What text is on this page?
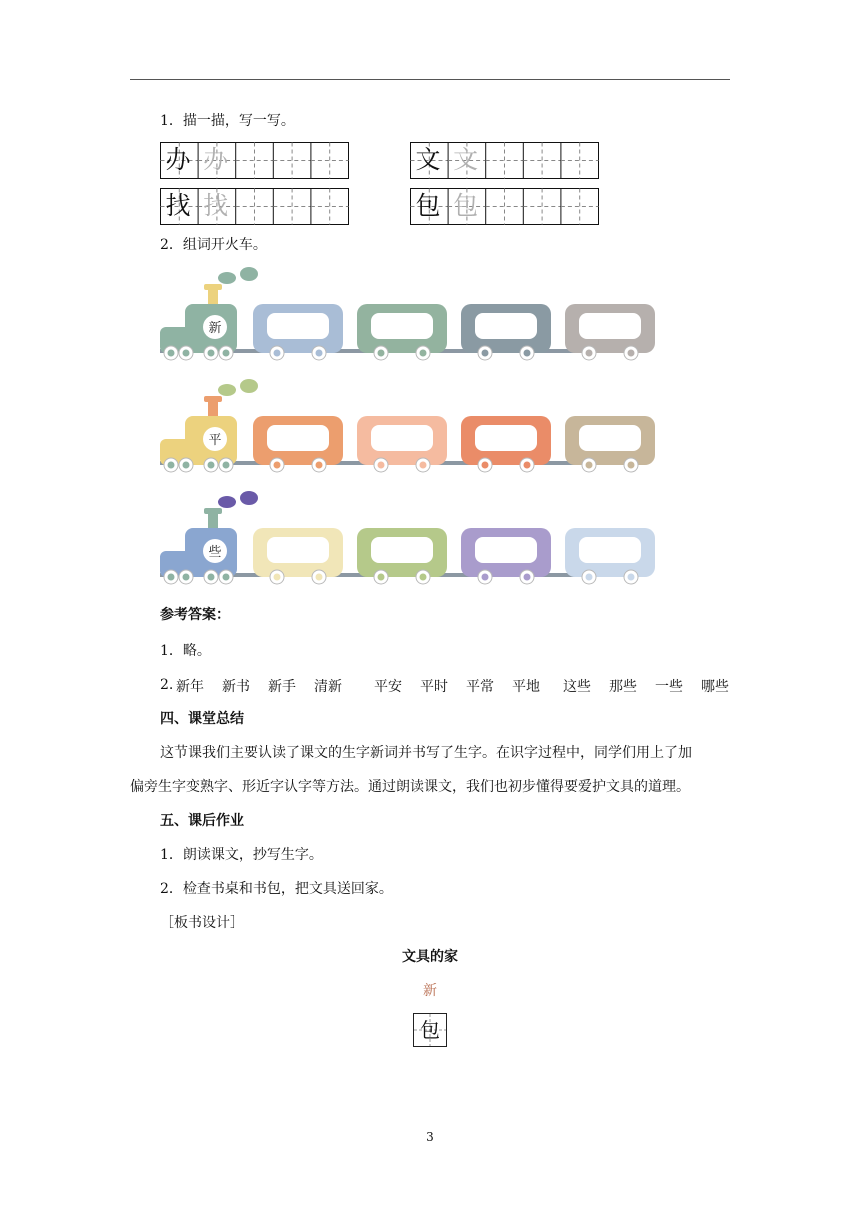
1．描一描，写一写。
办 办	文 文
找 找	包 包
2．组词开火车。
新
平
些
参考答案：
1．略。
2. 新年 新书 新手 清新 平安 平时 平常 平地 这些 那些 一些 哪些
四、课堂总结
这节课我们主要认读了课文的生字新词并书写了生字。在识字过程中，同学们用上了加
偏旁生字变熟字、形近字认字等方法。通过朗读课文，我们也初步懂得要爱护文具的道理。
五、课后作业
1．朗读课文，抄写生字。
2．检查书桌和书包，把文具送回家。
［板书设计］
文具的家
新
包
3
